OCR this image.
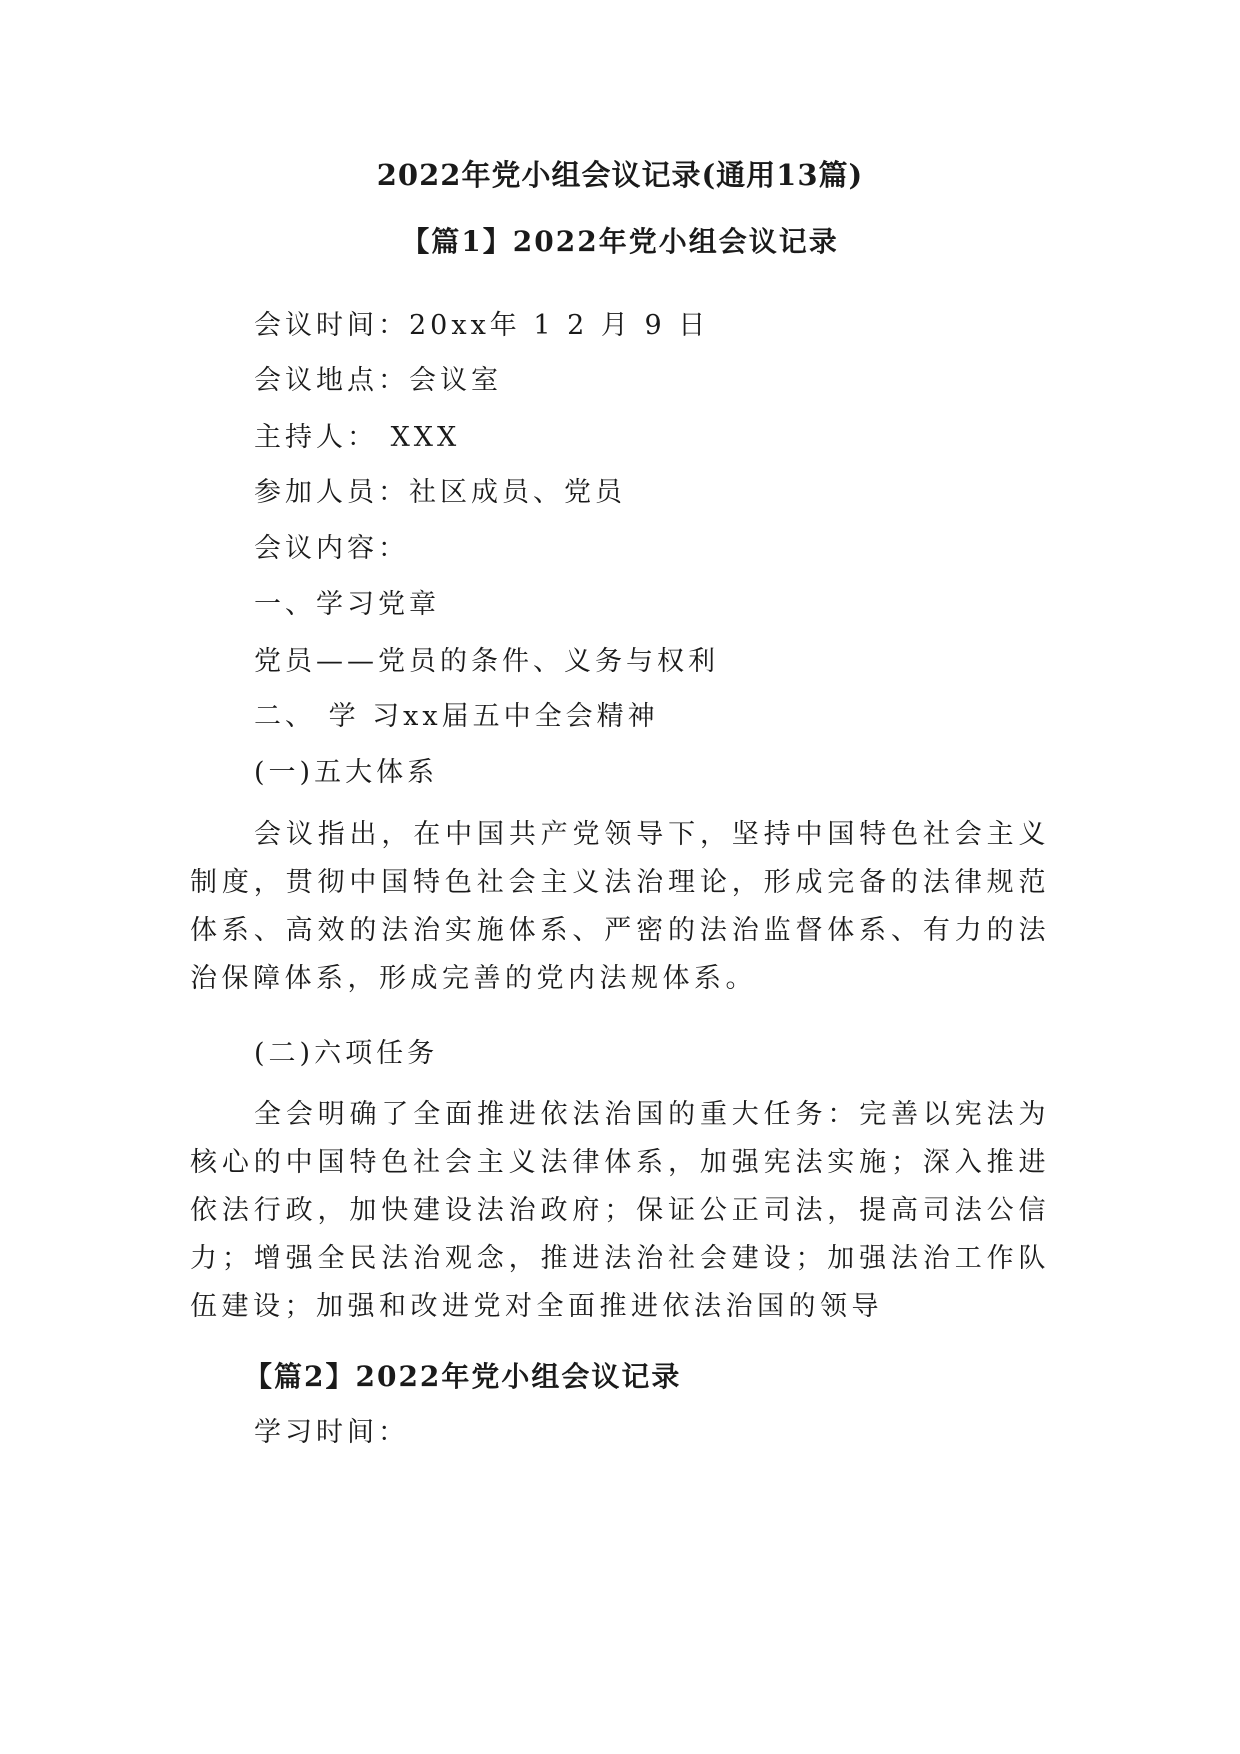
2022年党小组会议记录(通用13篇)
【篇1】2022年党小组会议记录

会议时间：20xx年 1 2 月 9 日

会议地点：会议室

主持人： XXX

参加人员：社区成员、党员

会议内容：

一、学习党章

党员——党员的条件、义务与权利

二、 学 习xx届五中全会精神

(一)五大体系

会议指出，在中国共产党领导下，坚持中国特色社会主义制度，贯彻中国特色社会主义法治理论，形成完备的法律规范体系、高效的法治实施体系、严密的法治监督体系、有力的法治保障体系，形成完善的党内法规体系。

(二)六项任务

全会明确了全面推进依法治国的重大任务：完善以宪法为核心的中国特色社会主义法律体系，加强宪法实施；深入推进依法行政，加快建设法治政府；保证公正司法，提高司法公信力；增强全民法治观念，推进法治社会建设；加强法治工作队伍建设；加强和改进党对全面推进依法治国的领导

【篇2】2022年党小组会议记录

学习时间：
